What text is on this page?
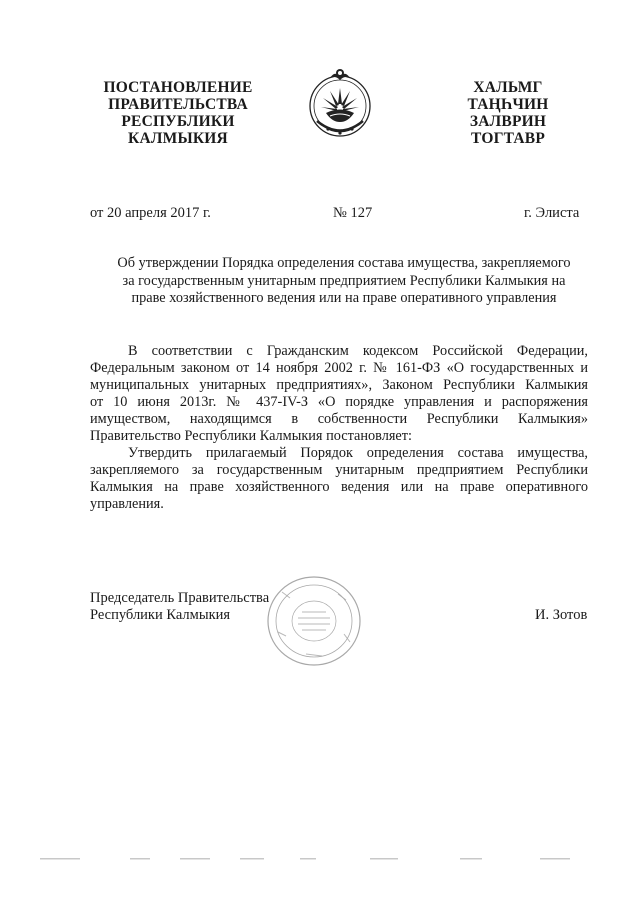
ПОСТАНОВЛЕНИЕ
ПРАВИТЕЛЬСТВА
РЕСПУБЛИКИ
КАЛМЫКИЯ
ХАЛЬМГ
ТАҢҺЧИН
ЗАЛВРИН
ТОГТАВР
от 20 апреля 2017 г.	№ 127	г. Элиста
Об утверждении Порядка определения состава имущества, закрепляемого
за государственным унитарным предприятием Республики Калмыкия на
праве хозяйственного ведения или на праве оперативного управления
В соответствии с Гражданским кодексом Российской Федерации,
Федеральным законом от 14 ноября 2002 г. № 161-ФЗ «О государственных и
муниципальных унитарных предприятиях», Законом Республики Калмыкия
от 10 июня 2013г. № 437-IV-З «О порядке управления и распоряжения
имуществом, находящимся в собственности Республики Калмыкия»
Правительство Республики Калмыкия постановляет:
Утвердить прилагаемый Порядок определения состава имущества,
закрепляемого за государственным унитарным предприятием Республики
Калмыкия на праве хозяйственного ведения или на праве оперативного
управления.
Председатель Правительства
Республики Калмыкия	И. Зотов
